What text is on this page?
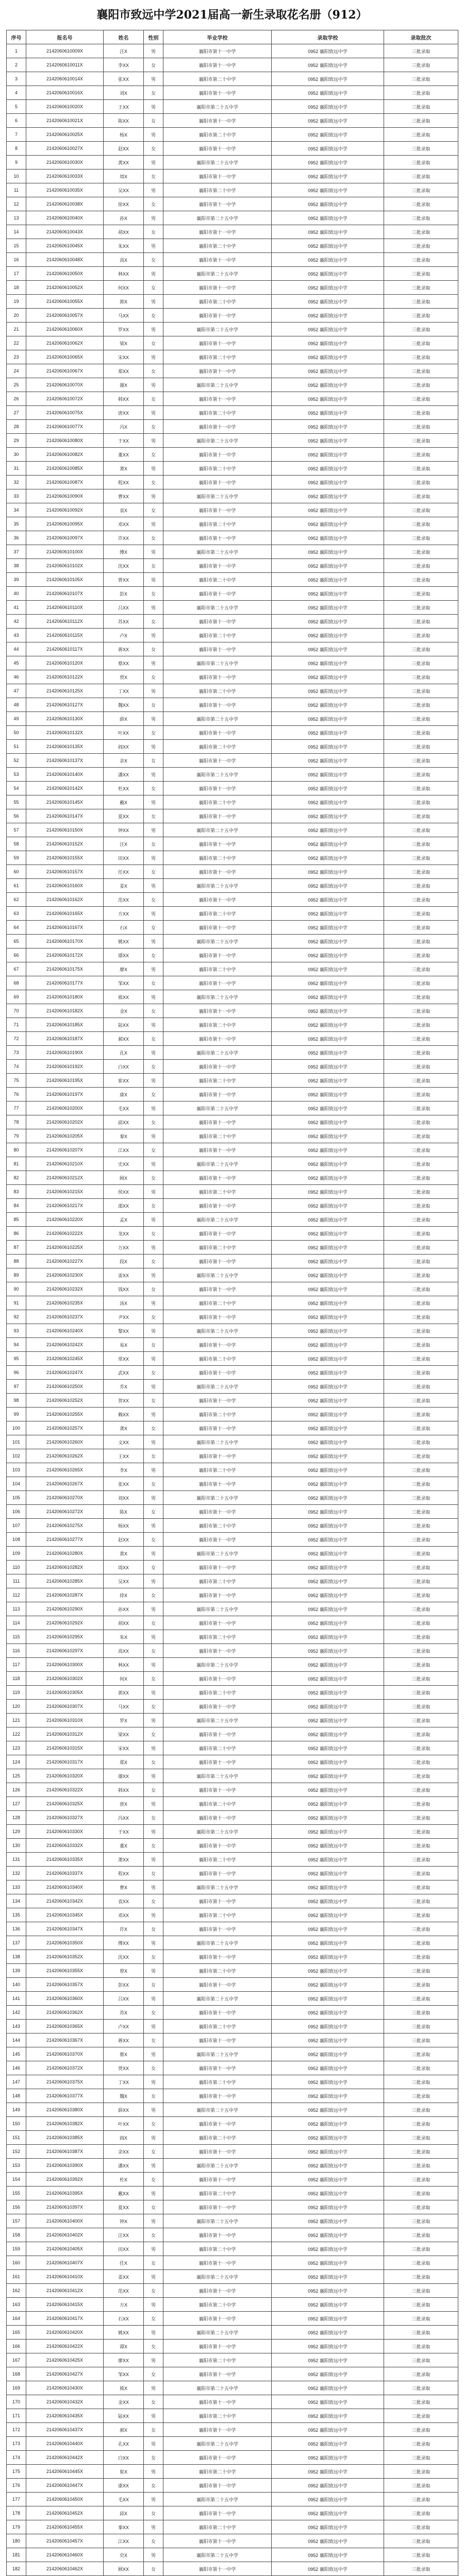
襄阳市致远中学2021届高一新生录取花名册（912）
序号	报名号	姓名	性别	毕业学校	录取学校	录取批次
1	2142060610009X	汪X	男	襄阳市第十一中学	0952 襄阳致远中学	三批录取
2	2142060610011X	李XX	女	襄阳市第十一中学	0952 襄阳致远中学	三批录取
3	2142060610014X	张XX	男	襄阳市第二十中学	0952 襄阳致远中学	三批录取
4	2142060610016X	刘X	女	襄阳市第十一中学	0952 襄阳致远中学	三批录取
5	2142060610020X	王XX	男	襄阳市第二十五中学	0952 襄阳致远中学	三批录取
6	2142060610021X	陈XX	女	襄阳市第十一中学	0952 襄阳致远中学	三批录取
7	2142060610025X	杨X	男	襄阳市第二十中学	0952 襄阳致远中学	三批录取
8	2142060610027X	赵XX	女	襄阳市第十一中学	0952 襄阳致远中学	三批录取
9	2142060610030X	黄XX	男	襄阳市第二十五中学	0952 襄阳致远中学	三批录取
10	2142060610033X	周X	女	襄阳市第十一中学	0952 襄阳致远中学	三批录取
11	2142060610035X	吴XX	男	襄阳市第二十中学	0952 襄阳致远中学	三批录取
12	2142060610038X	徐XX	女	襄阳市第十一中学	0952 襄阳致远中学	三批录取
13	2142060610040X	孙X	男	襄阳市第二十五中学	0952 襄阳致远中学	三批录取
14	2142060610043X	胡XX	女	襄阳市第十一中学	0952 襄阳致远中学	三批录取
15	2142060610045X	朱XX	男	襄阳市第二十中学	0952 襄阳致远中学	三批录取
16	2142060610048X	高X	女	襄阳市第十一中学	0952 襄阳致远中学	三批录取
17	2142060610050X	林XX	男	襄阳市第二十五中学	0952 襄阳致远中学	三批录取
18	2142060610052X	何XX	女	襄阳市第十一中学	0952 襄阳致远中学	三批录取
19	2142060610055X	郭X	男	襄阳市第二十中学	0952 襄阳致远中学	三批录取
20	2142060610057X	马XX	女	襄阳市第十一中学	0952 襄阳致远中学	三批录取
21	2142060610060X	罗XX	男	襄阳市第二十五中学	0952 襄阳致远中学	三批录取
22	2142060610062X	梁X	女	襄阳市第十一中学	0952 襄阳致远中学	三批录取
23	2142060610065X	宋XX	男	襄阳市第二十中学	0952 襄阳致远中学	三批录取
24	2142060610067X	郑XX	女	襄阳市第十一中学	0952 襄阳致远中学	三批录取
25	2142060610070X	谢X	男	襄阳市第二十五中学	0952 襄阳致远中学	三批录取
26	2142060610072X	韩XX	女	襄阳市第十一中学	0952 襄阳致远中学	三批录取
27	2142060610075X	唐XX	男	襄阳市第二十中学	0952 襄阳致远中学	三批录取
28	2142060610077X	冯X	女	襄阳市第十一中学	0952 襄阳致远中学	三批录取
29	2142060610080X	于XX	男	襄阳市第二十五中学	0952 襄阳致远中学	三批录取
30	2142060610082X	董XX	女	襄阳市第十一中学	0952 襄阳致远中学	三批录取
31	2142060610085X	萧X	男	襄阳市第二十中学	0952 襄阳致远中学	三批录取
32	2142060610087X	程XX	女	襄阳市第十一中学	0952 襄阳致远中学	三批录取
33	2142060610090X	曹XX	男	襄阳市第二十五中学	0952 襄阳致远中学	三批录取
34	2142060610092X	袁X	女	襄阳市第十一中学	0952 襄阳致远中学	三批录取
35	2142060610095X	邓XX	男	襄阳市第二十中学	0952 襄阳致远中学	三批录取
36	2142060610097X	许XX	女	襄阳市第十一中学	0952 襄阳致远中学	三批录取
37	2142060610100X	傅X	男	襄阳市第二十五中学	0952 襄阳致远中学	三批录取
38	2142060610102X	沈XX	女	襄阳市第十一中学	0952 襄阳致远中学	三批录取
39	2142060610105X	曾XX	男	襄阳市第二十中学	0952 襄阳致远中学	三批录取
40	2142060610107X	彭X	女	襄阳市第十一中学	0952 襄阳致远中学	三批录取
41	2142060610110X	吕XX	男	襄阳市第二十五中学	0952 襄阳致远中学	三批录取
42	2142060610112X	苏XX	女	襄阳市第十一中学	0952 襄阳致远中学	三批录取
43	2142060610115X	卢X	男	襄阳市第二十中学	0952 襄阳致远中学	三批录取
44	2142060610117X	蒋XX	女	襄阳市第十一中学	0952 襄阳致远中学	三批录取
45	2142060610120X	蔡XX	男	襄阳市第二十五中学	0952 襄阳致远中学	三批录取
46	2142060610122X	贾X	女	襄阳市第十一中学	0952 襄阳致远中学	三批录取
47	2142060610125X	丁XX	男	襄阳市第二十中学	0952 襄阳致远中学	三批录取
48	2142060610127X	魏XX	女	襄阳市第十一中学	0952 襄阳致远中学	三批录取
49	2142060610130X	薛X	男	襄阳市第二十五中学	0952 襄阳致远中学	三批录取
50	2142060610132X	叶XX	女	襄阳市第十一中学	0952 襄阳致远中学	三批录取
51	2142060610135X	阎XX	男	襄阳市第二十中学	0952 襄阳致远中学	三批录取
52	2142060610137X	余X	女	襄阳市第十一中学	0952 襄阳致远中学	三批录取
53	2142060610140X	潘XX	男	襄阳市第二十五中学	0952 襄阳致远中学	三批录取
54	2142060610142X	杜XX	女	襄阳市第十一中学	0952 襄阳致远中学	三批录取
55	2142060610145X	戴X	男	襄阳市第二十中学	0952 襄阳致远中学	三批录取
56	2142060610147X	夏XX	女	襄阳市第十一中学	0952 襄阳致远中学	三批录取
57	2142060610150X	钟XX	男	襄阳市第二十五中学	0952 襄阳致远中学	三批录取
58	2142060610152X	汪X	女	襄阳市第十一中学	0952 襄阳致远中学	三批录取
59	2142060610155X	田XX	男	襄阳市第二十中学	0952 襄阳致远中学	三批录取
60	2142060610157X	任XX	女	襄阳市第十一中学	0952 襄阳致远中学	三批录取
61	2142060610160X	姜X	男	襄阳市第二十五中学	0952 襄阳致远中学	三批录取
62	2142060610162X	范XX	女	襄阳市第十一中学	0952 襄阳致远中学	三批录取
63	2142060610165X	方XX	男	襄阳市第二十中学	0952 襄阳致远中学	三批录取
64	2142060610167X	石X	女	襄阳市第十一中学	0952 襄阳致远中学	三批录取
65	2142060610170X	姚XX	男	襄阳市第二十五中学	0952 襄阳致远中学	三批录取
66	2142060610172X	谭XX	女	襄阳市第十一中学	0952 襄阳致远中学	三批录取
67	2142060610175X	廖X	男	襄阳市第二十中学	0952 襄阳致远中学	三批录取
68	2142060610177X	邹XX	女	襄阳市第十一中学	0952 襄阳致远中学	三批录取
69	2142060610180X	熊XX	男	襄阳市第二十五中学	0952 襄阳致远中学	三批录取
70	2142060610182X	金X	女	襄阳市第十一中学	0952 襄阳致远中学	三批录取
71	2142060610185X	陆XX	男	襄阳市第二十中学	0952 襄阳致远中学	三批录取
72	2142060610187X	郝XX	女	襄阳市第十一中学	0952 襄阳致远中学	三批录取
73	2142060610190X	孔X	男	襄阳市第二十五中学	0952 襄阳致远中学	三批录取
74	2142060610192X	白XX	女	襄阳市第十一中学	0952 襄阳致远中学	三批录取
75	2142060610195X	崔XX	男	襄阳市第二十中学	0952 襄阳致远中学	三批录取
76	2142060610197X	康X	女	襄阳市第十一中学	0952 襄阳致远中学	三批录取
77	2142060610200X	毛XX	男	襄阳市第二十五中学	0952 襄阳致远中学	三批录取
78	2142060610202X	邱XX	女	襄阳市第十一中学	0952 襄阳致远中学	三批录取
79	2142060610205X	秦X	男	襄阳市第二十中学	0952 襄阳致远中学	三批录取
80	2142060610207X	江XX	女	襄阳市第十一中学	0952 襄阳致远中学	三批录取
81	2142060610210X	史XX	男	襄阳市第二十五中学	0952 襄阳致远中学	三批录取
82	2142060610212X	顾X	女	襄阳市第十一中学	0952 襄阳致远中学	三批录取
83	2142060610215X	侯XX	男	襄阳市第二十中学	0952 襄阳致远中学	三批录取
84	2142060610217X	邵XX	女	襄阳市第十一中学	0952 襄阳致远中学	三批录取
85	2142060610220X	孟X	男	襄阳市第二十五中学	0952 襄阳致远中学	三批录取
86	2142060610222X	龙XX	女	襄阳市第十一中学	0952 襄阳致远中学	三批录取
87	2142060610225X	万XX	男	襄阳市第二十中学	0952 襄阳致远中学	三批录取
88	2142060610227X	段X	女	襄阳市第十一中学	0952 襄阳致远中学	三批录取
89	2142060610230X	雷XX	男	襄阳市第二十五中学	0952 襄阳致远中学	三批录取
90	2142060610232X	钱XX	女	襄阳市第十一中学	0952 襄阳致远中学	三批录取
91	2142060610235X	汤X	男	襄阳市第二十中学	0952 襄阳致远中学	三批录取
92	2142060610237X	尹XX	女	襄阳市第十一中学	0952 襄阳致远中学	三批录取
93	2142060610240X	黎XX	男	襄阳市第二十五中学	0952 襄阳致远中学	三批录取
94	2142060610242X	易X	女	襄阳市第十一中学	0952 襄阳致远中学	三批录取
95	2142060610245X	常XX	男	襄阳市第二十中学	0952 襄阳致远中学	三批录取
96	2142060610247X	武XX	女	襄阳市第十一中学	0952 襄阳致远中学	三批录取
97	2142060610250X	乔X	男	襄阳市第二十五中学	0952 襄阳致远中学	三批录取
98	2142060610252X	贺XX	女	襄阳市第十一中学	0952 襄阳致远中学	三批录取
99	2142060610255X	赖XX	男	襄阳市第二十中学	0952 襄阳致远中学	三批录取
100	2142060610257X	龚X	女	襄阳市第十一中学	0952 襄阳致远中学	三批录取
101	2142060610260X	文XX	男	襄阳市第二十五中学	0952 襄阳致远中学	三批录取
102	2142060610262X	王XX	女	襄阳市第十一中学	0952 襄阳致远中学	三批录取
103	2142060610265X	李X	男	襄阳市第二十中学	0952 襄阳致远中学	三批录取
104	2142060610267X	张XX	女	襄阳市第十一中学	0952 襄阳致远中学	三批录取
105	2142060610270X	刘XX	男	襄阳市第二十五中学	0952 襄阳致远中学	三批录取
106	2142060610272X	陈X	女	襄阳市第十一中学	0952 襄阳致远中学	三批录取
107	2142060610275X	杨XX	男	襄阳市第二十中学	0952 襄阳致远中学	三批录取
108	2142060610277X	赵XX	女	襄阳市第十一中学	0952 襄阳致远中学	三批录取
109	2142060610280X	黄X	男	襄阳市第二十五中学	0952 襄阳致远中学	三批录取
110	2142060610282X	周XX	女	襄阳市第十一中学	0952 襄阳致远中学	三批录取
111	2142060610285X	吴XX	男	襄阳市第二十中学	0952 襄阳致远中学	三批录取
112	2142060610287X	徐X	女	襄阳市第十一中学	0952 襄阳致远中学	三批录取
113	2142060610290X	孙XX	男	襄阳市第二十五中学	0952 襄阳致远中学	三批录取
114	2142060610292X	胡XX	女	襄阳市第十一中学	0952 襄阳致远中学	三批录取
115	2142060610295X	朱X	男	襄阳市第二十中学	0952 襄阳致远中学	三批录取
116	2142060610297X	高XX	女	襄阳市第十一中学	0952 襄阳致远中学	三批录取
117	2142060610300X	林XX	男	襄阳市第二十五中学	0952 襄阳致远中学	三批录取
118	2142060610302X	何X	女	襄阳市第十一中学	0952 襄阳致远中学	三批录取
119	2142060610305X	郭XX	男	襄阳市第二十中学	0952 襄阳致远中学	三批录取
120	2142060610307X	马XX	女	襄阳市第十一中学	0952 襄阳致远中学	三批录取
121	2142060610310X	罗X	男	襄阳市第二十五中学	0952 襄阳致远中学	三批录取
122	2142060610312X	梁XX	女	襄阳市第十一中学	0952 襄阳致远中学	三批录取
123	2142060610315X	宋XX	男	襄阳市第二十中学	0952 襄阳致远中学	三批录取
124	2142060610317X	郑X	女	襄阳市第十一中学	0952 襄阳致远中学	三批录取
125	2142060610320X	谢XX	男	襄阳市第二十五中学	0952 襄阳致远中学	三批录取
126	2142060610322X	韩XX	女	襄阳市第十一中学	0952 襄阳致远中学	三批录取
127	2142060610325X	唐X	男	襄阳市第二十中学	0952 襄阳致远中学	三批录取
128	2142060610327X	冯XX	女	襄阳市第十一中学	0952 襄阳致远中学	三批录取
129	2142060610330X	于XX	男	襄阳市第二十五中学	0952 襄阳致远中学	三批录取
130	2142060610332X	董X	女	襄阳市第十一中学	0952 襄阳致远中学	三批录取
131	2142060610335X	萧XX	男	襄阳市第二十中学	0952 襄阳致远中学	三批录取
132	2142060610337X	程XX	女	襄阳市第十一中学	0952 襄阳致远中学	三批录取
133	2142060610340X	曹X	男	襄阳市第二十五中学	0952 襄阳致远中学	三批录取
134	2142060610342X	袁XX	女	襄阳市第十一中学	0952 襄阳致远中学	三批录取
135	2142060610345X	邓XX	男	襄阳市第二十中学	0952 襄阳致远中学	三批录取
136	2142060610347X	许X	女	襄阳市第十一中学	0952 襄阳致远中学	三批录取
137	2142060610350X	傅XX	男	襄阳市第二十五中学	0952 襄阳致远中学	三批录取
138	2142060610352X	沈XX	女	襄阳市第十一中学	0952 襄阳致远中学	三批录取
139	2142060610355X	曾X	男	襄阳市第二十中学	0952 襄阳致远中学	三批录取
140	2142060610357X	彭XX	女	襄阳市第十一中学	0952 襄阳致远中学	三批录取
141	2142060610360X	吕XX	男	襄阳市第二十五中学	0952 襄阳致远中学	三批录取
142	2142060610362X	苏X	女	襄阳市第十一中学	0952 襄阳致远中学	三批录取
143	2142060610365X	卢XX	男	襄阳市第二十中学	0952 襄阳致远中学	三批录取
144	2142060610367X	蒋XX	女	襄阳市第十一中学	0952 襄阳致远中学	三批录取
145	2142060610370X	蔡X	男	襄阳市第二十五中学	0952 襄阳致远中学	三批录取
146	2142060610372X	贾XX	女	襄阳市第十一中学	0952 襄阳致远中学	三批录取
147	2142060610375X	丁XX	男	襄阳市第二十中学	0952 襄阳致远中学	三批录取
148	2142060610377X	魏X	女	襄阳市第十一中学	0952 襄阳致远中学	三批录取
149	2142060610380X	薛XX	男	襄阳市第二十五中学	0952 襄阳致远中学	三批录取
150	2142060610382X	叶XX	女	襄阳市第十一中学	0952 襄阳致远中学	三批录取
151	2142060610385X	阎X	男	襄阳市第二十中学	0952 襄阳致远中学	三批录取
152	2142060610387X	余XX	女	襄阳市第十一中学	0952 襄阳致远中学	三批录取
153	2142060610390X	潘XX	男	襄阳市第二十五中学	0952 襄阳致远中学	三批录取
154	2142060610392X	杜X	女	襄阳市第十一中学	0952 襄阳致远中学	三批录取
155	2142060610395X	戴XX	男	襄阳市第二十中学	0952 襄阳致远中学	三批录取
156	2142060610397X	夏XX	女	襄阳市第十一中学	0952 襄阳致远中学	三批录取
157	2142060610400X	钟X	男	襄阳市第二十五中学	0952 襄阳致远中学	三批录取
158	2142060610402X	汪XX	女	襄阳市第十一中学	0952 襄阳致远中学	三批录取
159	2142060610405X	田XX	男	襄阳市第二十中学	0952 襄阳致远中学	三批录取
160	2142060610407X	任X	女	襄阳市第十一中学	0952 襄阳致远中学	三批录取
161	2142060610410X	姜XX	男	襄阳市第二十五中学	0952 襄阳致远中学	三批录取
162	2142060610412X	范XX	女	襄阳市第十一中学	0952 襄阳致远中学	三批录取
163	2142060610415X	方X	男	襄阳市第二十中学	0952 襄阳致远中学	三批录取
164	2142060610417X	石XX	女	襄阳市第十一中学	0952 襄阳致远中学	三批录取
165	2142060610420X	姚XX	男	襄阳市第二十五中学	0952 襄阳致远中学	三批录取
166	2142060610422X	谭X	女	襄阳市第十一中学	0952 襄阳致远中学	三批录取
167	2142060610425X	廖XX	男	襄阳市第二十中学	0952 襄阳致远中学	三批录取
168	2142060610427X	邹XX	女	襄阳市第十一中学	0952 襄阳致远中学	三批录取
169	2142060610430X	熊X	男	襄阳市第二十五中学	0952 襄阳致远中学	三批录取
170	2142060610432X	金XX	女	襄阳市第十一中学	0952 襄阳致远中学	三批录取
171	2142060610435X	陆XX	男	襄阳市第二十中学	0952 襄阳致远中学	三批录取
172	2142060610437X	郝X	女	襄阳市第十一中学	0952 襄阳致远中学	三批录取
173	2142060610440X	孔XX	男	襄阳市第二十五中学	0952 襄阳致远中学	三批录取
174	2142060610442X	白XX	女	襄阳市第十一中学	0952 襄阳致远中学	三批录取
175	2142060610445X	崔X	男	襄阳市第二十中学	0952 襄阳致远中学	三批录取
176	2142060610447X	康XX	女	襄阳市第十一中学	0952 襄阳致远中学	三批录取
177	2142060610450X	毛XX	男	襄阳市第二十五中学	0952 襄阳致远中学	三批录取
178	2142060610452X	邱X	女	襄阳市第十一中学	0952 襄阳致远中学	三批录取
179	2142060610455X	秦XX	男	襄阳市第二十中学	0952 襄阳致远中学	三批录取
180	2142060610457X	江XX	女	襄阳市第十一中学	0952 襄阳致远中学	三批录取
181	2142060610460X	史X	男	襄阳市第二十五中学	0952 襄阳致远中学	三批录取
182	2142060610462X	顾XX	女	襄阳市第十一中学	0952 襄阳致远中学	三批录取
